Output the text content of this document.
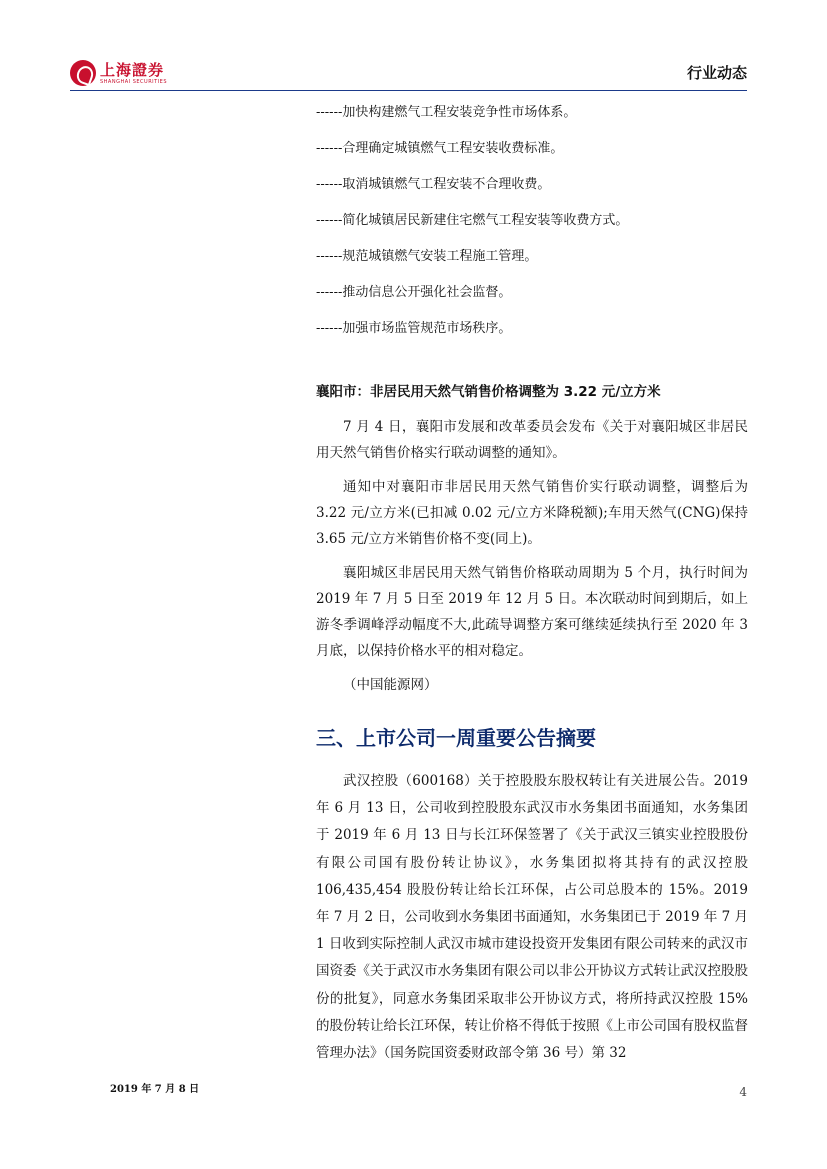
上海證券
SHANGHAI SECURITIES	行业动态
------加快构建燃气工程安装竞争性市场体系。
------合理确定城镇燃气工程安装收费标准。
------取消城镇燃气工程安装不合理收费。
------简化城镇居民新建住宅燃气工程安装等收费方式。
------规范城镇燃气安装工程施工管理。
------推动信息公开强化社会监督。
------加强市场监管规范市场秩序。
襄阳市：非居民用天然气销售价格调整为 3.22 元/立方米
7 月 4 日，襄阳市发展和改革委员会发布《关于对襄阳城区非居民用天然气销售价格实行联动调整的通知》。
通知中对襄阳市非居民用天然气销售价实行联动调整，调整后为 3.22 元/立方米(已扣减 0.02 元/立方米降税额);车用天然气(CNG)保持 3.65 元/立方米销售价格不变(同上)。
襄阳城区非居民用天然气销售价格联动周期为 5 个月，执行时间为 2019 年 7 月 5 日至 2019 年 12 月 5 日。本次联动时间到期后，如上游冬季调峰浮动幅度不大,此疏导调整方案可继续延续执行至 2020 年 3 月底，以保持价格水平的相对稳定。
（中国能源网）
三、上市公司一周重要公告摘要
武汉控股（600168）关于控股股东股权转让有关进展公告。2019 年 6 月 13 日，公司收到控股股东武汉市水务集团书面通知，水务集团于 2019 年 6 月 13 日与长江环保签署了《关于武汉三镇实业控股股份有限公司国有股份转让协议》，水务集团拟将其持有的武汉控股 106,435,454 股股份转让给长江环保，占公司总股本的 15%。2019 年 7 月 2 日，公司收到水务集团书面通知，水务集团已于 2019 年 7 月 1 日收到实际控制人武汉市城市建设投资开发集团有限公司转来的武汉市国资委《关于武汉市水务集团有限公司以非公开协议方式转让武汉控股股份的批复》，同意水务集团采取非公开协议方式，将所持武汉控股 15%的股份转让给长江环保，转让价格不得低于按照《上市公司国有股权监督管理办法》（国务院国资委财政部令第 36 号）第 32
2019 年 7 月 8 日	4
